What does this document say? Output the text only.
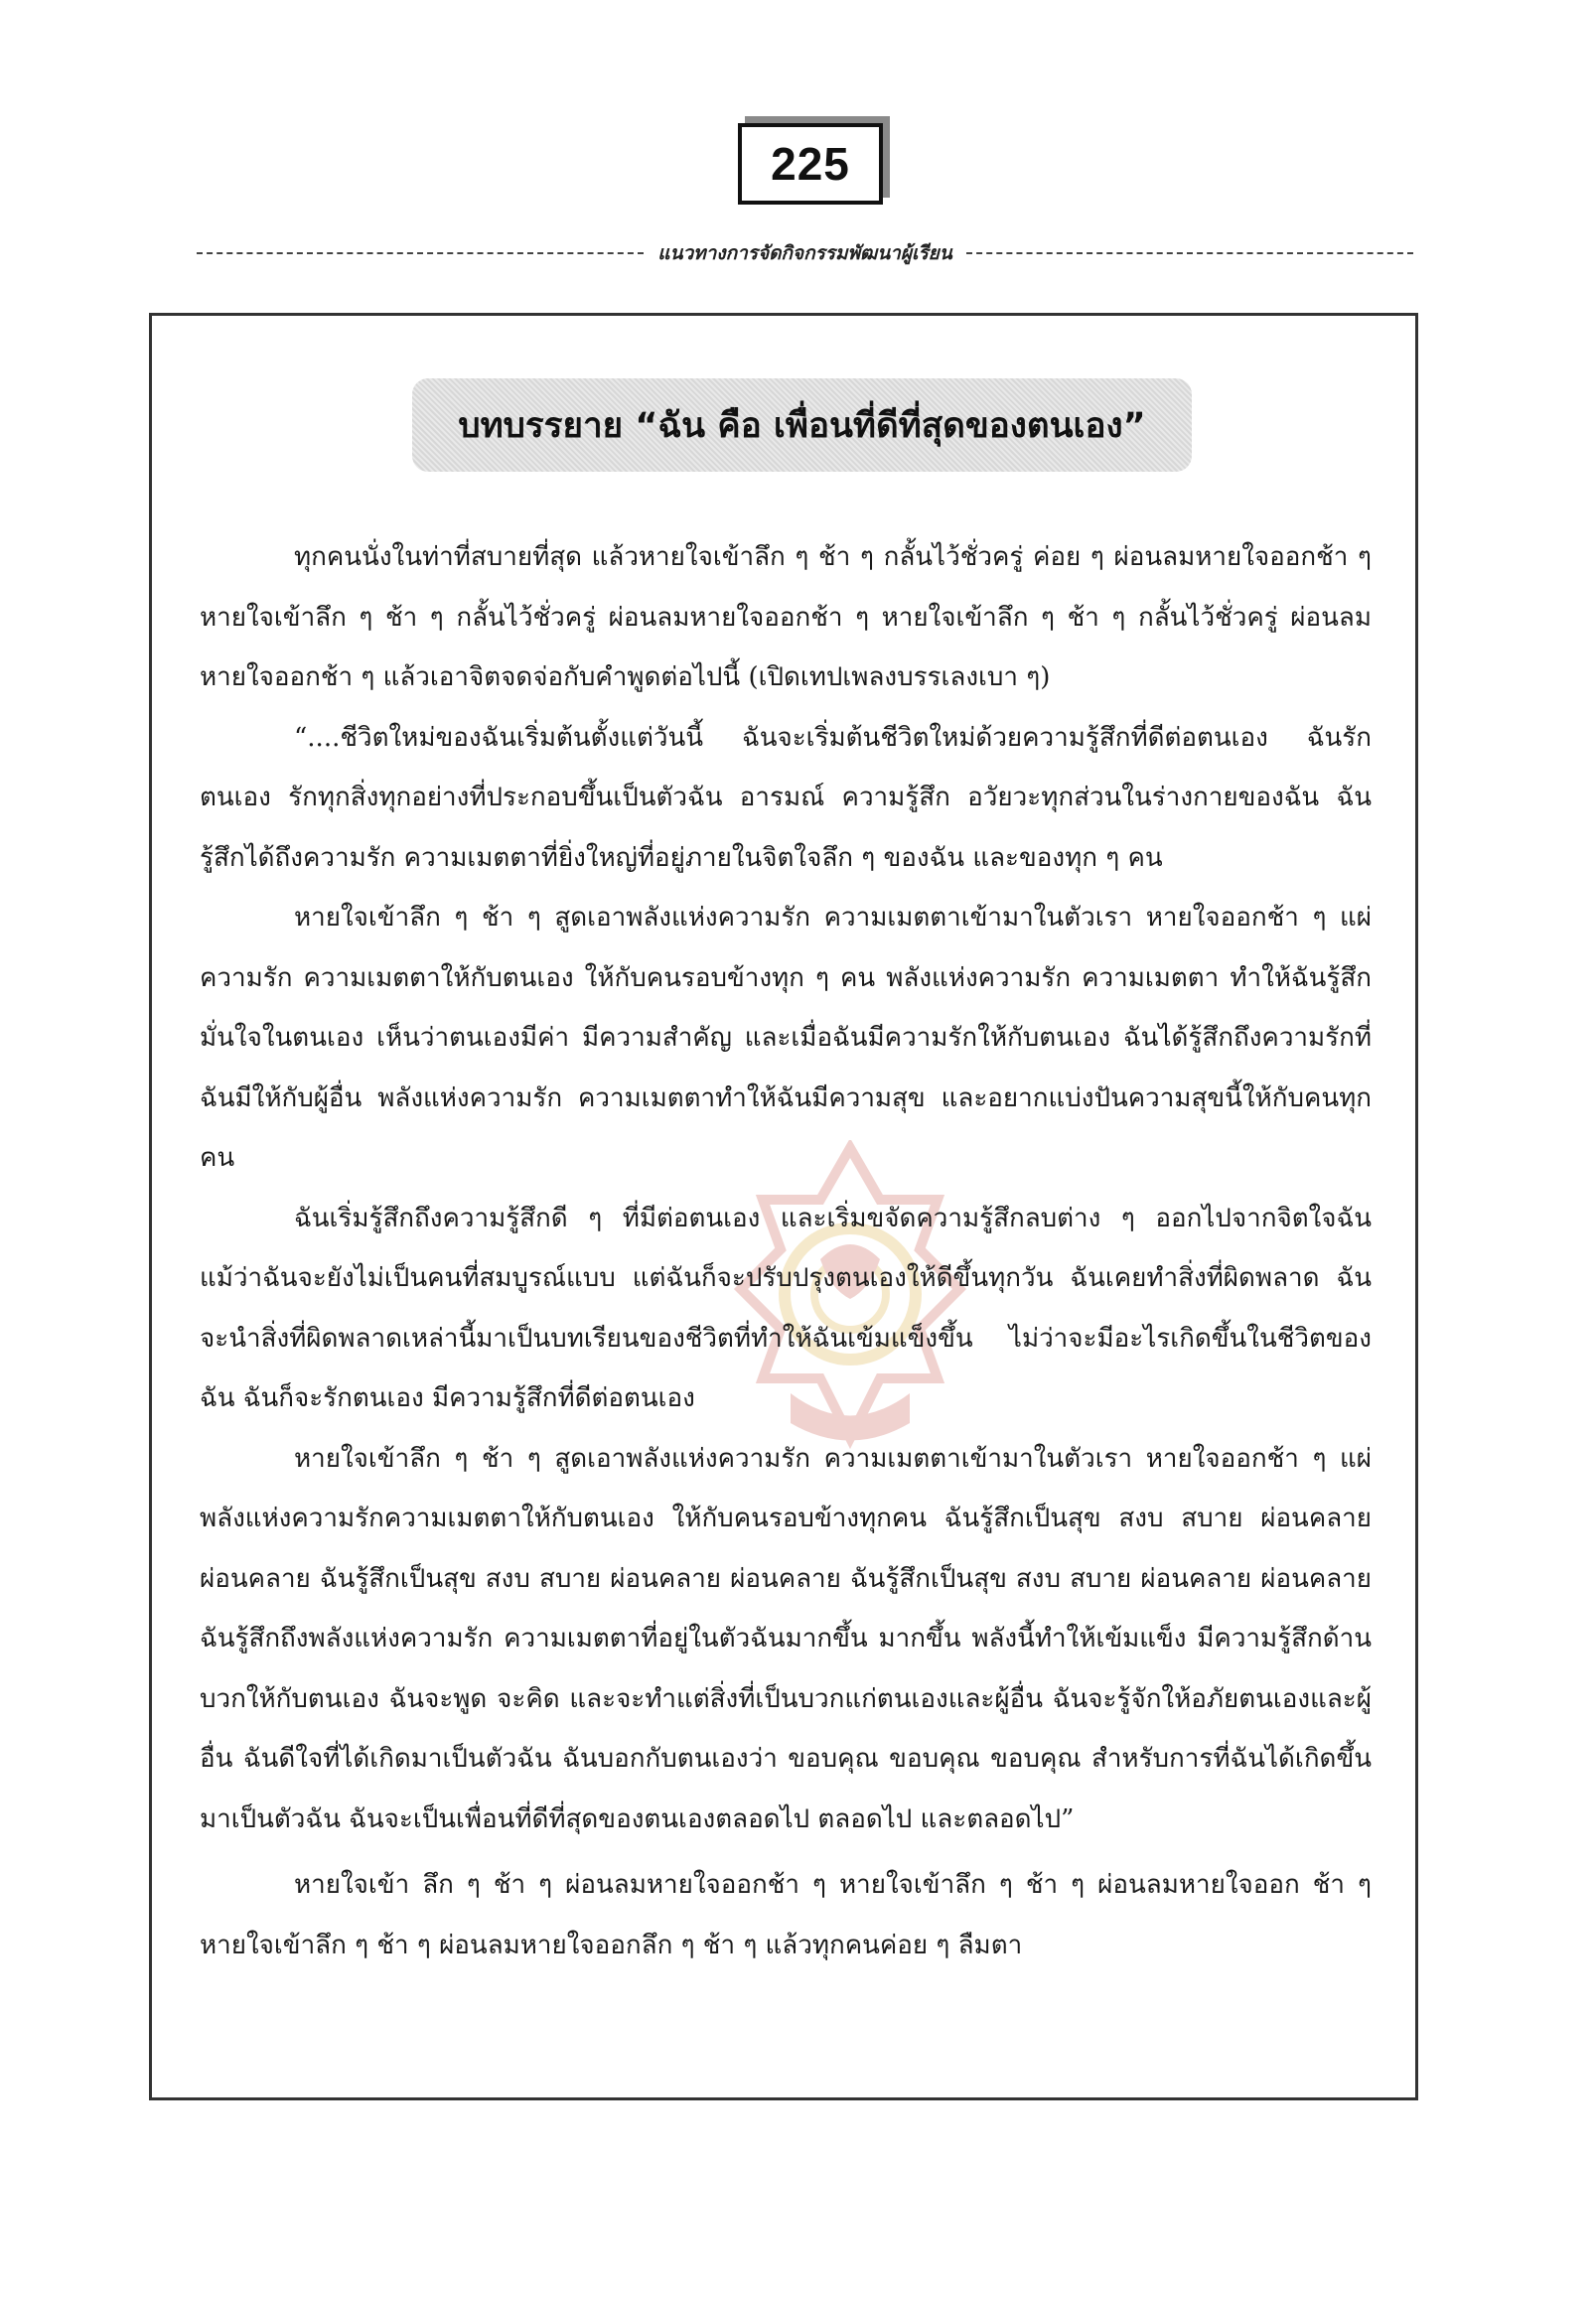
225
แนวทางการจัดกิจกรรมพัฒนาผู้เรียน
บทบรรยาย “ฉัน คือ เพื่อนที่ดีที่สุดของตนเอง”

ทุกคนนั่งในท่าที่สบายที่สุด แล้วหายใจเข้าลึก ๆ ช้า ๆ กลั้นไว้ชั่วครู่ ค่อย ๆ ผ่อนลมหายใจออกช้า ๆ หายใจเข้าลึก ๆ ช้า ๆ กลั้นไว้ชั่วครู่ ผ่อนลมหายใจออกช้า ๆ หายใจเข้าลึก ๆ ช้า ๆ กลั้นไว้ชั่วครู่ ผ่อนลมหายใจออกช้า ๆ แล้วเอาจิตจดจ่อกับคำพูดต่อไปนี้ (เปิดเทปเพลงบรรเลงเบา ๆ)

“....ชีวิตใหม่ของฉันเริ่มต้นตั้งแต่วันนี้ ฉันจะเริ่มต้นชีวิตใหม่ด้วยความรู้สึกที่ดีต่อตนเอง ฉันรักตนเอง รักทุกสิ่งทุกอย่างที่ประกอบขึ้นเป็นตัวฉัน อารมณ์ ความรู้สึก อวัยวะทุกส่วนในร่างกายของฉัน ฉันรู้สึกได้ถึงความรัก ความเมตตาที่ยิ่งใหญ่ที่อยู่ภายในจิตใจลึก ๆ ของฉัน และของทุก ๆ คน

หายใจเข้าลึก ๆ ช้า ๆ สูดเอาพลังแห่งความรัก ความเมตตาเข้ามาในตัวเรา หายใจออกช้า ๆ แผ่ความรัก ความเมตตาให้กับตนเอง ให้กับคนรอบข้างทุก ๆ คน พลังแห่งความรัก ความเมตตา ทำให้ฉันรู้สึกมั่นใจในตนเอง เห็นว่าตนเองมีค่า มีความสำคัญ และเมื่อฉันมีความรักให้กับตนเอง ฉันได้รู้สึกถึงความรักที่ฉันมีให้กับผู้อื่น พลังแห่งความรัก ความเมตตาทำให้ฉันมีความสุข และอยากแบ่งปันความสุขนี้ให้กับคนทุกคน

ฉันเริ่มรู้สึกถึงความรู้สึกดี ๆ ที่มีต่อตนเอง และเริ่มขจัดความรู้สึกลบต่าง ๆ ออกไปจากจิตใจฉัน แม้ว่าฉันจะยังไม่เป็นคนที่สมบูรณ์แบบ แต่ฉันก็จะปรับปรุงตนเองให้ดีขึ้นทุกวัน ฉันเคยทำสิ่งที่ผิดพลาด ฉันจะนำสิ่งที่ผิดพลาดเหล่านี้มาเป็นบทเรียนของชีวิตที่ทำให้ฉันเข้มแข็งขึ้น ไม่ว่าจะมีอะไรเกิดขึ้นในชีวิตของฉัน ฉันก็จะรักตนเอง มีความรู้สึกที่ดีต่อตนเอง

หายใจเข้าลึก ๆ ช้า ๆ สูดเอาพลังแห่งความรัก ความเมตตาเข้ามาในตัวเรา หายใจออกช้า ๆ แผ่พลังแห่งความรักความเมตตาให้กับตนเอง ให้กับคนรอบข้างทุกคน ฉันรู้สึกเป็นสุข สงบ สบาย ผ่อนคลาย ผ่อนคลาย ฉันรู้สึกเป็นสุข สงบ สบาย ผ่อนคลาย ผ่อนคลาย ฉันรู้สึกเป็นสุข สงบ สบาย ผ่อนคลาย ผ่อนคลาย ฉันรู้สึกถึงพลังแห่งความรัก ความเมตตาที่อยู่ในตัวฉันมากขึ้น มากขึ้น พลังนี้ทำให้เข้มแข็ง มีความรู้สึกด้านบวกให้กับตนเอง ฉันจะพูด จะคิด และจะทำแต่สิ่งที่เป็นบวกแก่ตนเองและผู้อื่น ฉันจะรู้จักให้อภัยตนเองและผู้อื่น ฉันดีใจที่ได้เกิดมาเป็นตัวฉัน ฉันบอกกับตนเองว่า ขอบคุณ ขอบคุณ ขอบคุณ สำหรับการที่ฉันได้เกิดขึ้นมาเป็นตัวฉัน ฉันจะเป็นเพื่อนที่ดีที่สุดของตนเองตลอดไป ตลอดไป และตลอดไป”

หายใจเข้า ลึก ๆ ช้า ๆ ผ่อนลมหายใจออกช้า ๆ หายใจเข้าลึก ๆ ช้า ๆ ผ่อนลมหายใจออก ช้า ๆ หายใจเข้าลึก ๆ ช้า ๆ ผ่อนลมหายใจออกลึก ๆ ช้า ๆ แล้วทุกคนค่อย ๆ ลืมตา
